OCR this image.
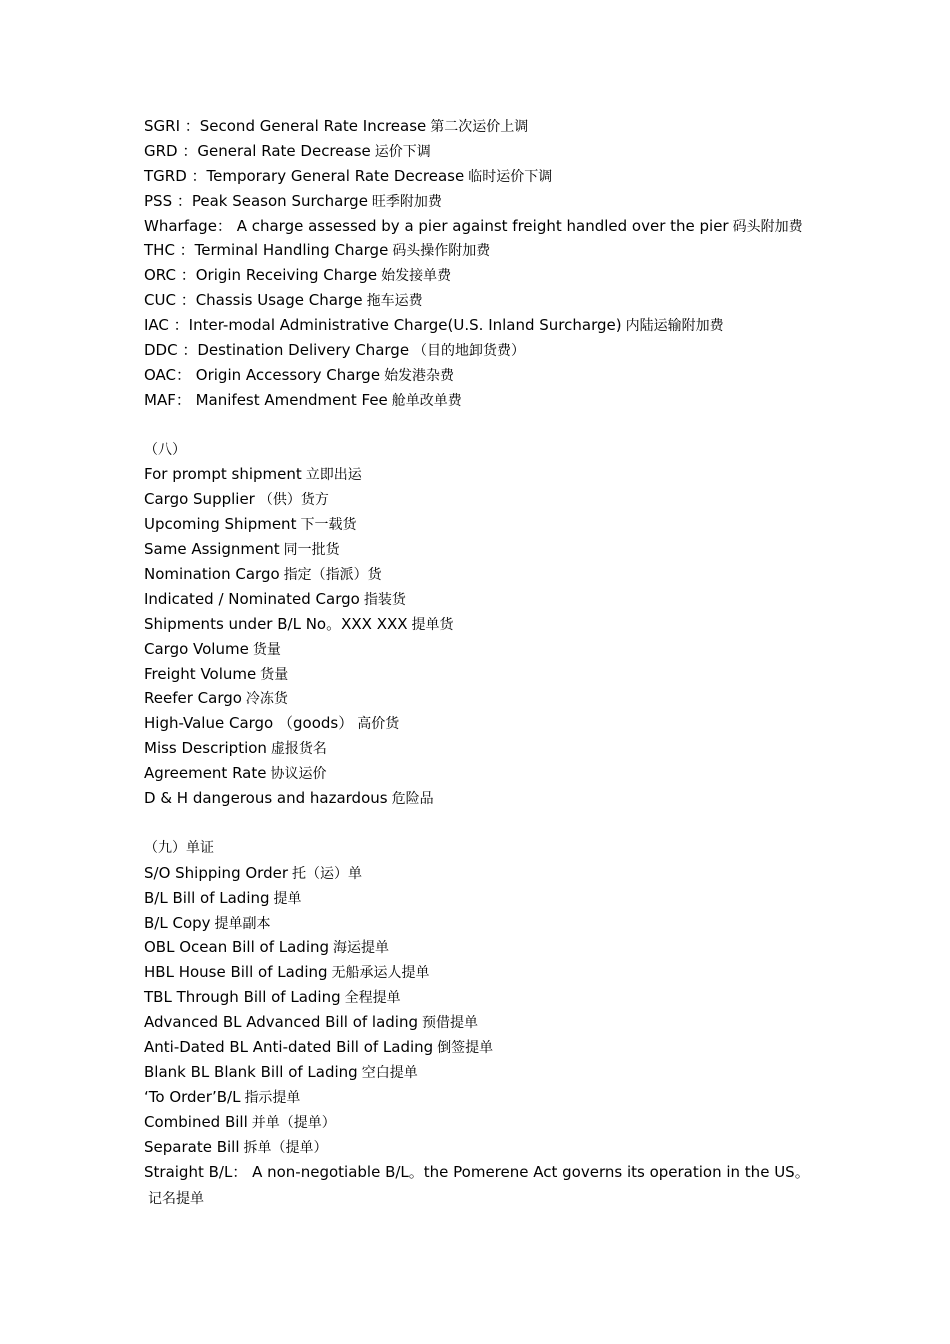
SGRI ：Second General Rate Increase 第二次运价上调
GRD ：General Rate Decrease 运价下调
TGRD ：Temporary General Rate Decrease 临时运价下调
PSS ：Peak Season Surcharge 旺季附加费
Wharfage： A charge assessed by a pier against freight handled over the pier 码头附加费
THC ：Terminal Handling Charge 码头操作附加费
ORC ：Origin Receiving Charge 始发接单费
CUC ：Chassis Usage Charge 拖车运费
IAC ：Inter-modal Administrative Charge(U.S. Inland Surcharge) 内陆运输附加费
DDC ：Destination Delivery Charge （目的地卸货费）
OAC： Origin Accessory Charge 始发港杂费
MAF： Manifest Amendment Fee 舱单改单费
（八）
For prompt shipment 立即出运
Cargo Supplier （供）货方
Upcoming Shipment 下一载货
Same Assignment 同一批货
Nomination Cargo 指定（指派）货
Indicated / Nominated Cargo 指装货
Shipments under B/L No。XXX XXX 提单货
Cargo Volume 货量
Freight Volume 货量
Reefer Cargo 冷冻货
High-Value Cargo （goods） 高价货
Miss Description 虚报货名
Agreement Rate 协议运价
D & H dangerous and hazardous 危险品
（九）单证
S/O Shipping Order 托（运）单
B/L Bill of Lading 提单
B/L Copy 提单副本
OBL Ocean Bill of Lading 海运提单
HBL House Bill of Lading 无船承运人提单
TBL Through Bill of Lading 全程提单
Advanced BL Advanced Bill of lading 预借提单
Anti-Dated BL Anti-dated Bill of Lading 倒签提单
Blank BL Blank Bill of Lading 空白提单
‘To Order’B/L 指示提单
Combined Bill 并单（提单）
Separate Bill 拆单（提单）
Straight B/L： A non-negotiable B/L。the Pomerene Act governs its operation in the US。记名提单
